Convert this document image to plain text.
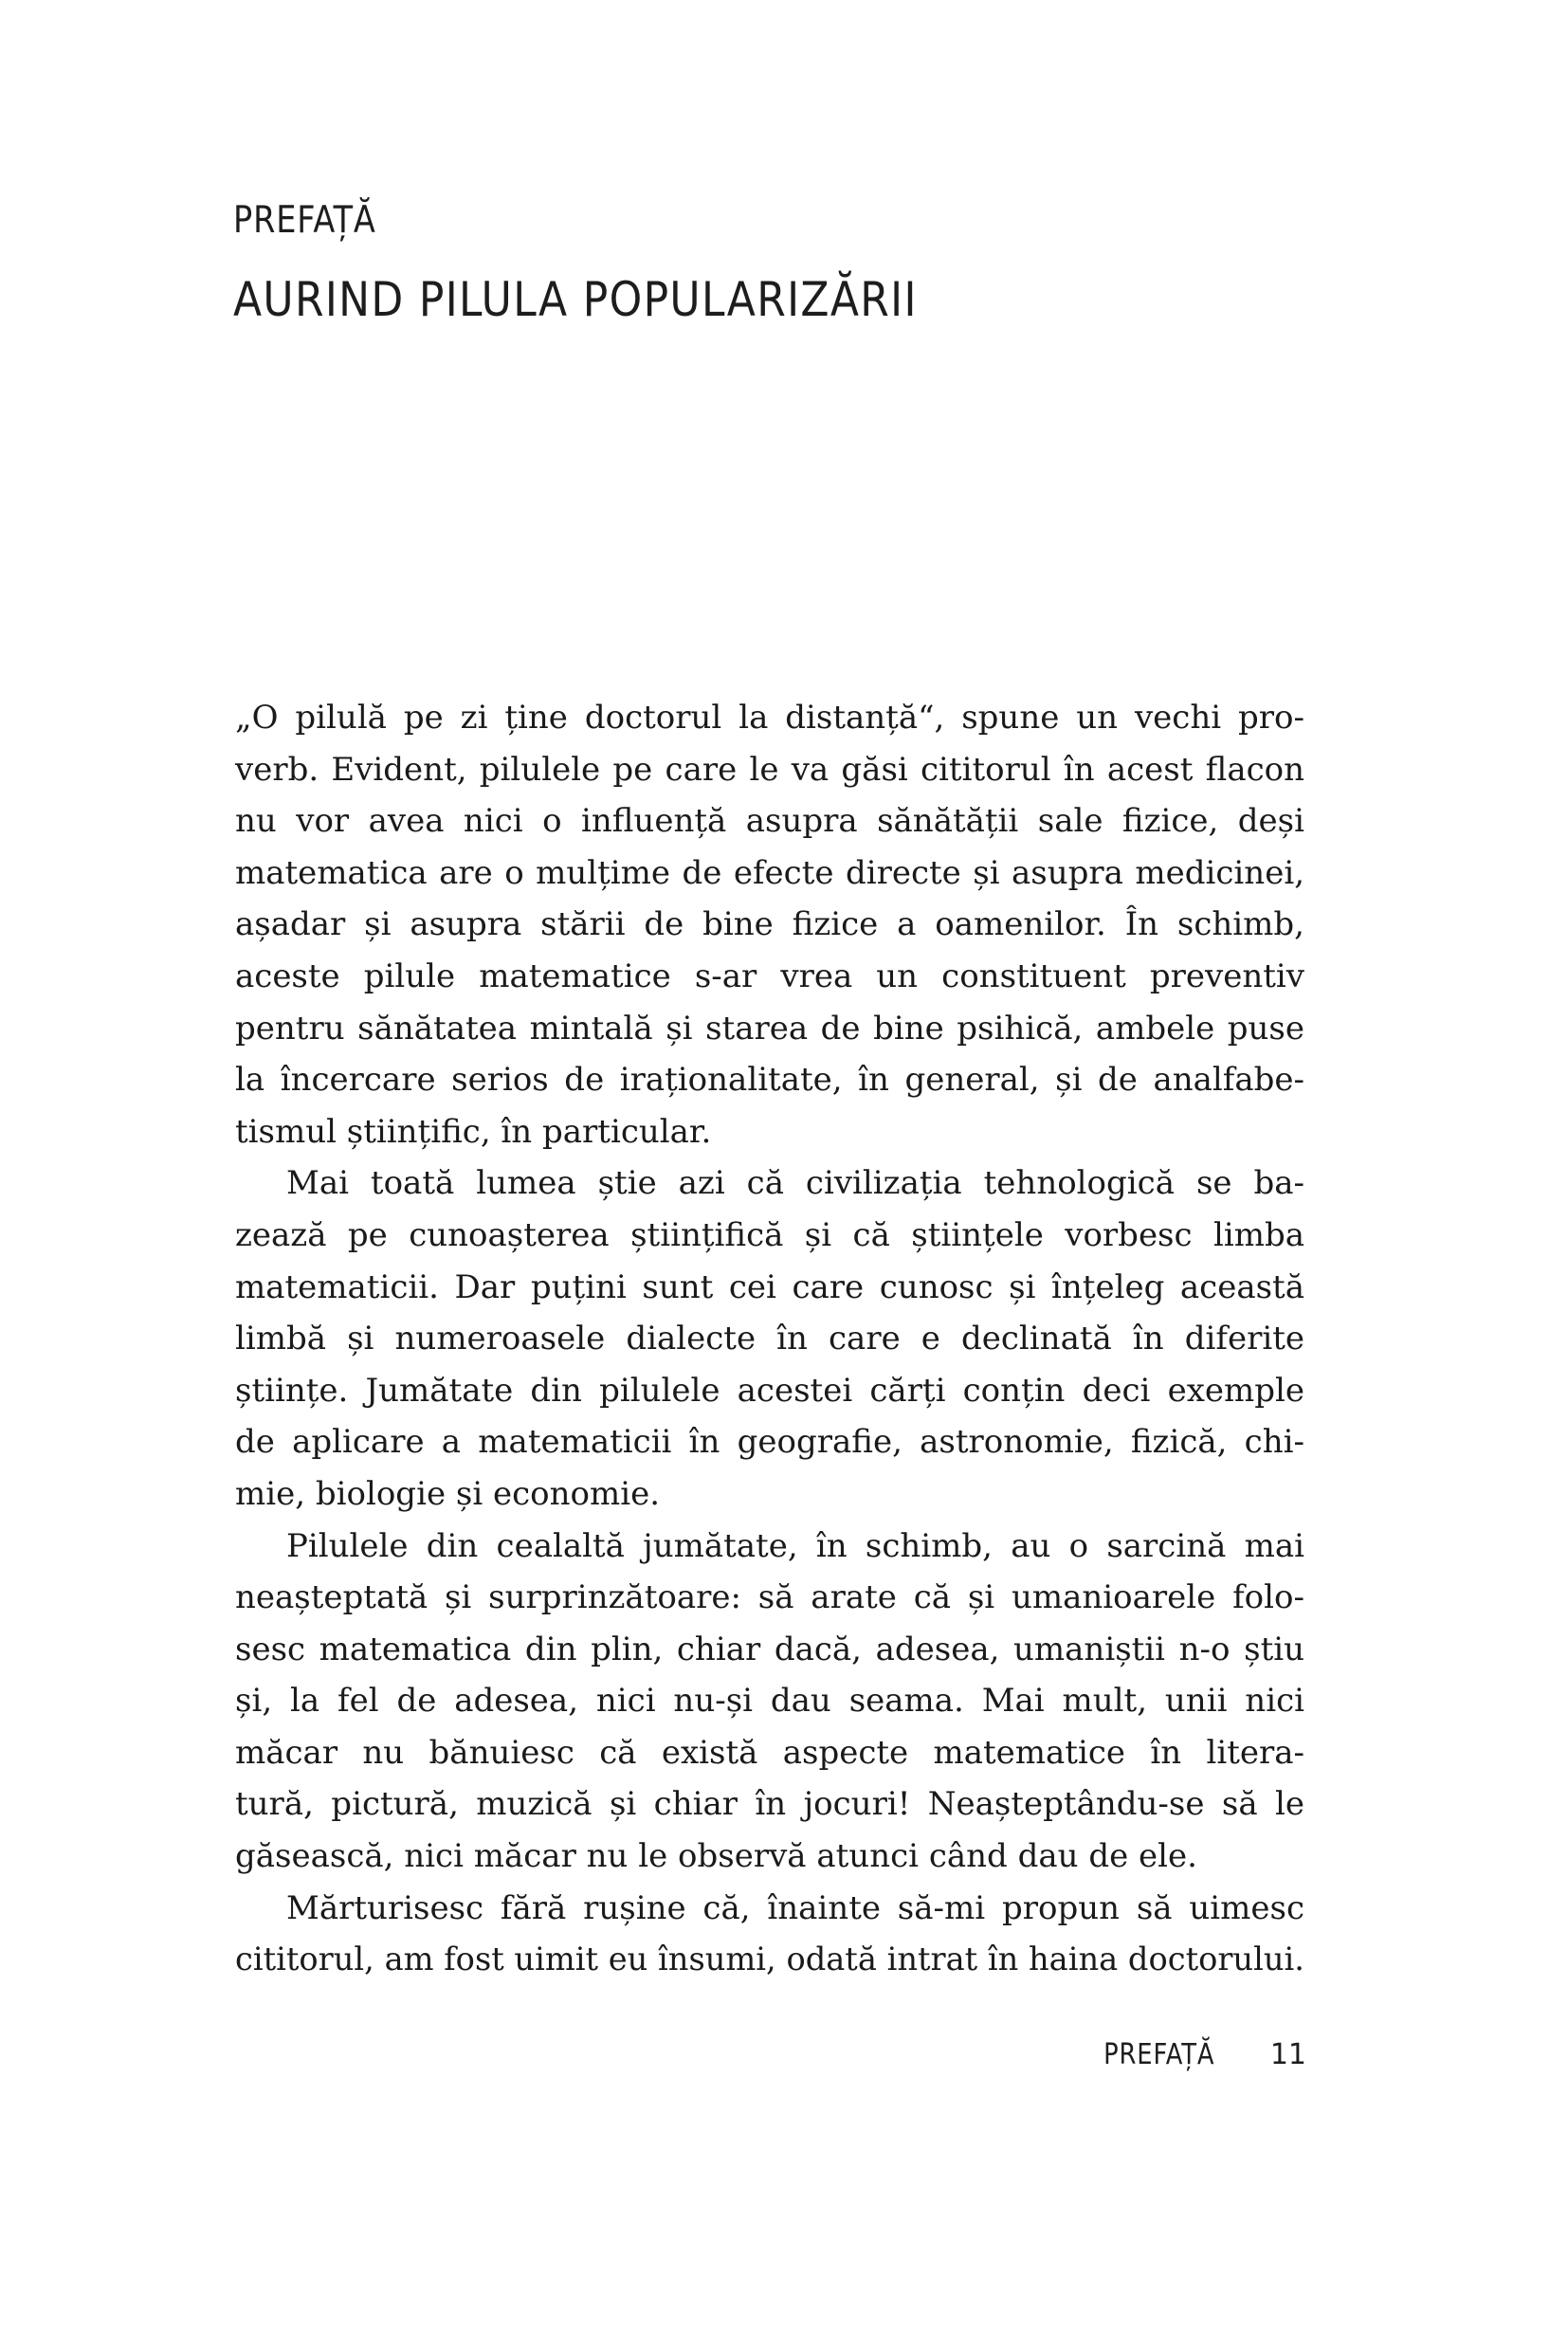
PREFAȚĂ
AURIND PILULA POPULARIZĂRII
„O pilulă pe zi ține doctorul la distanță“, spune un vechi pro-
verb. Evident, pilulele pe care le va găsi cititorul în acest flacon
nu vor avea nici o influență asupra sănătății sale fizice, deși
matematica are o mulțime de efecte directe și asupra medicinei,
așadar și asupra stării de bine fizice a oamenilor. În schimb,
aceste pilule matematice s-ar vrea un constituent preventiv
pentru sănătatea mintală și starea de bine psihică, ambele puse
la încercare serios de iraționalitate, în general, și de analfabe-
tismul științific, în particular.
Mai toată lumea știe azi că civilizația tehnologică se ba-
zează pe cunoașterea științifică și că științele vorbesc limba
matematicii. Dar puțini sunt cei care cunosc și înțeleg această
limbă și numeroasele dialecte în care e declinată în diferite
științe. Jumătate din pilulele acestei cărți conțin deci exemple
de aplicare a matematicii în geografie, astronomie, fizică, chi-
mie, biologie și economie.
Pilulele din cealaltă jumătate, în schimb, au o sarcină mai
neașteptată și surprinzătoare: să arate că și umanioarele folo-
sesc matematica din plin, chiar dacă, adesea, umaniștii n-o știu
și, la fel de adesea, nici nu-și dau seama. Mai mult, unii nici
măcar nu bănuiesc că există aspecte matematice în litera-
tură, pictură, muzică și chiar în jocuri! Neașteptându-se să le
găsească, nici măcar nu le observă atunci când dau de ele.
Mărturisesc fără rușine că, înainte să-mi propun să uimesc
cititorul, am fost uimit eu însumi, odată intrat în haina doctorului.
PREFAȚĂ 11
